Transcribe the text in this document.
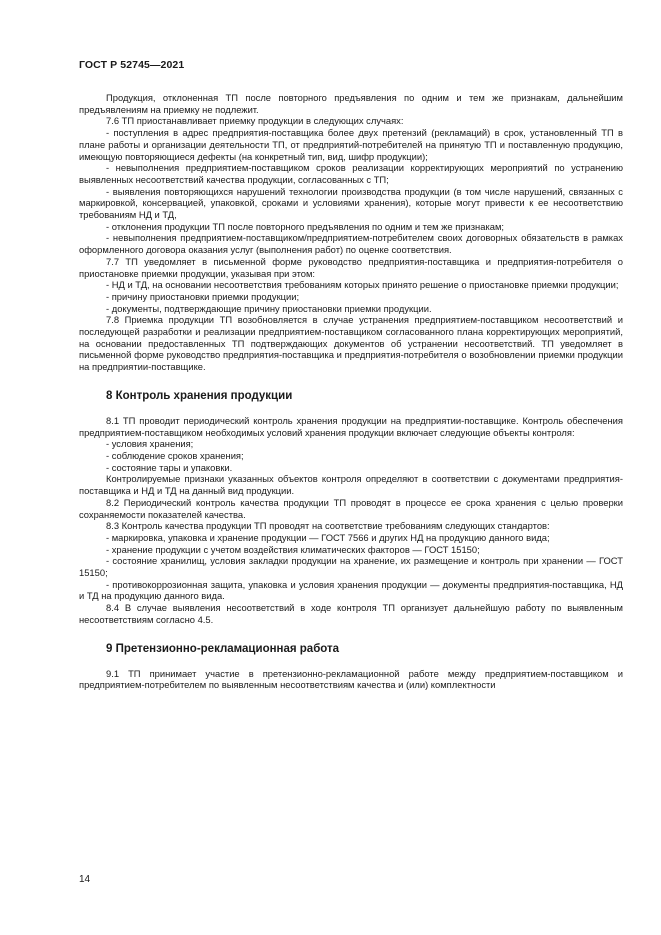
ГОСТ Р 52745—2021

Продукция, отклоненная ТП после повторного предъявления по одним и тем же признакам, дальнейшим предъявлениям на приемку не подлежит.

7.6 ТП приостанавливает приемку продукции в следующих случаях:

- поступления в адрес предприятия-поставщика более двух претензий (рекламаций) в срок, установленный ТП в плане работы и организации деятельности ТП, от предприятий-потребителей на принятую ТП и поставленную продукцию, имеющую повторяющиеся дефекты (на конкретный тип, вид, шифр продукции);

- невыполнения предприятием-поставщиком сроков реализации корректирующих мероприятий по устранению выявленных несоответствий качества продукции, согласованных с ТП;

- выявления повторяющихся нарушений технологии производства продукции (в том числе нарушений, связанных с маркировкой, консервацией, упаковкой, сроками и условиями хранения), которые могут привести к ее несоответствию требованиям НД и ТД,

- отклонения продукции ТП после повторного предъявления по одним и тем же признакам;

- невыполнения предприятием-поставщиком/предприятием-потребителем своих договорных обязательств в рамках оформленного договора оказания услуг (выполнения работ) по оценке соответствия.

7.7 ТП уведомляет в письменной форме руководство предприятия-поставщика и предприятия-потребителя о приостановке приемки продукции, указывая при этом:

- НД и ТД, на основании несоответствия требованиям которых принято решение о приостановке приемки продукции;

- причину приостановки приемки продукции;

- документы, подтверждающие причину приостановки приемки продукции.

7.8 Приемка продукции ТП возобновляется в случае устранения предприятием-поставщиком несоответствий и последующей разработки и реализации предприятием-поставщиком согласованного плана корректирующих мероприятий, на основании предоставленных ТП подтверждающих документов об устранении несоответствий. ТП уведомляет в письменной форме руководство предприятия-поставщика и предприятия-потребителя о возобновлении приемки продукции на предприятии-поставщике.

8 Контроль хранения продукции

8.1 ТП проводит периодический контроль хранения продукции на предприятии-поставщике. Контроль обеспечения предприятием-поставщиком необходимых условий хранения продукции включает следующие объекты контроля:

- условия хранения;

- соблюдение сроков хранения;

- состояние тары и упаковки.

Контролируемые признаки указанных объектов контроля определяют в соответствии с документами предприятия-поставщика и НД и ТД на данный вид продукции.

8.2 Периодический контроль качества продукции ТП проводят в процессе ее срока хранения с целью проверки сохраняемости показателей качества.

8.3 Контроль качества продукции ТП проводят на соответствие требованиям следующих стандартов:

- маркировка, упаковка и хранение продукции — ГОСТ 7566 и других НД на продукцию данного вида;

- хранение продукции с учетом воздействия климатических факторов — ГОСТ 15150;

- состояние хранилищ, условия закладки продукции на хранение, их размещение и контроль при хранении — ГОСТ 15150;

- противокоррозионная защита, упаковка и условия хранения продукции — документы предприятия-поставщика, НД и ТД на продукцию данного вида.

8.4 В случае выявления несоответствий в ходе контроля ТП организует дальнейшую работу по выявленным несоответствиям согласно 4.5.

9 Претензионно-рекламационная работа

9.1 ТП принимает участие в претензионно-рекламационной работе между предприятием-поставщиком и предприятием-потребителем по выявленным несоответствиям качества и (или) комплектности

14
